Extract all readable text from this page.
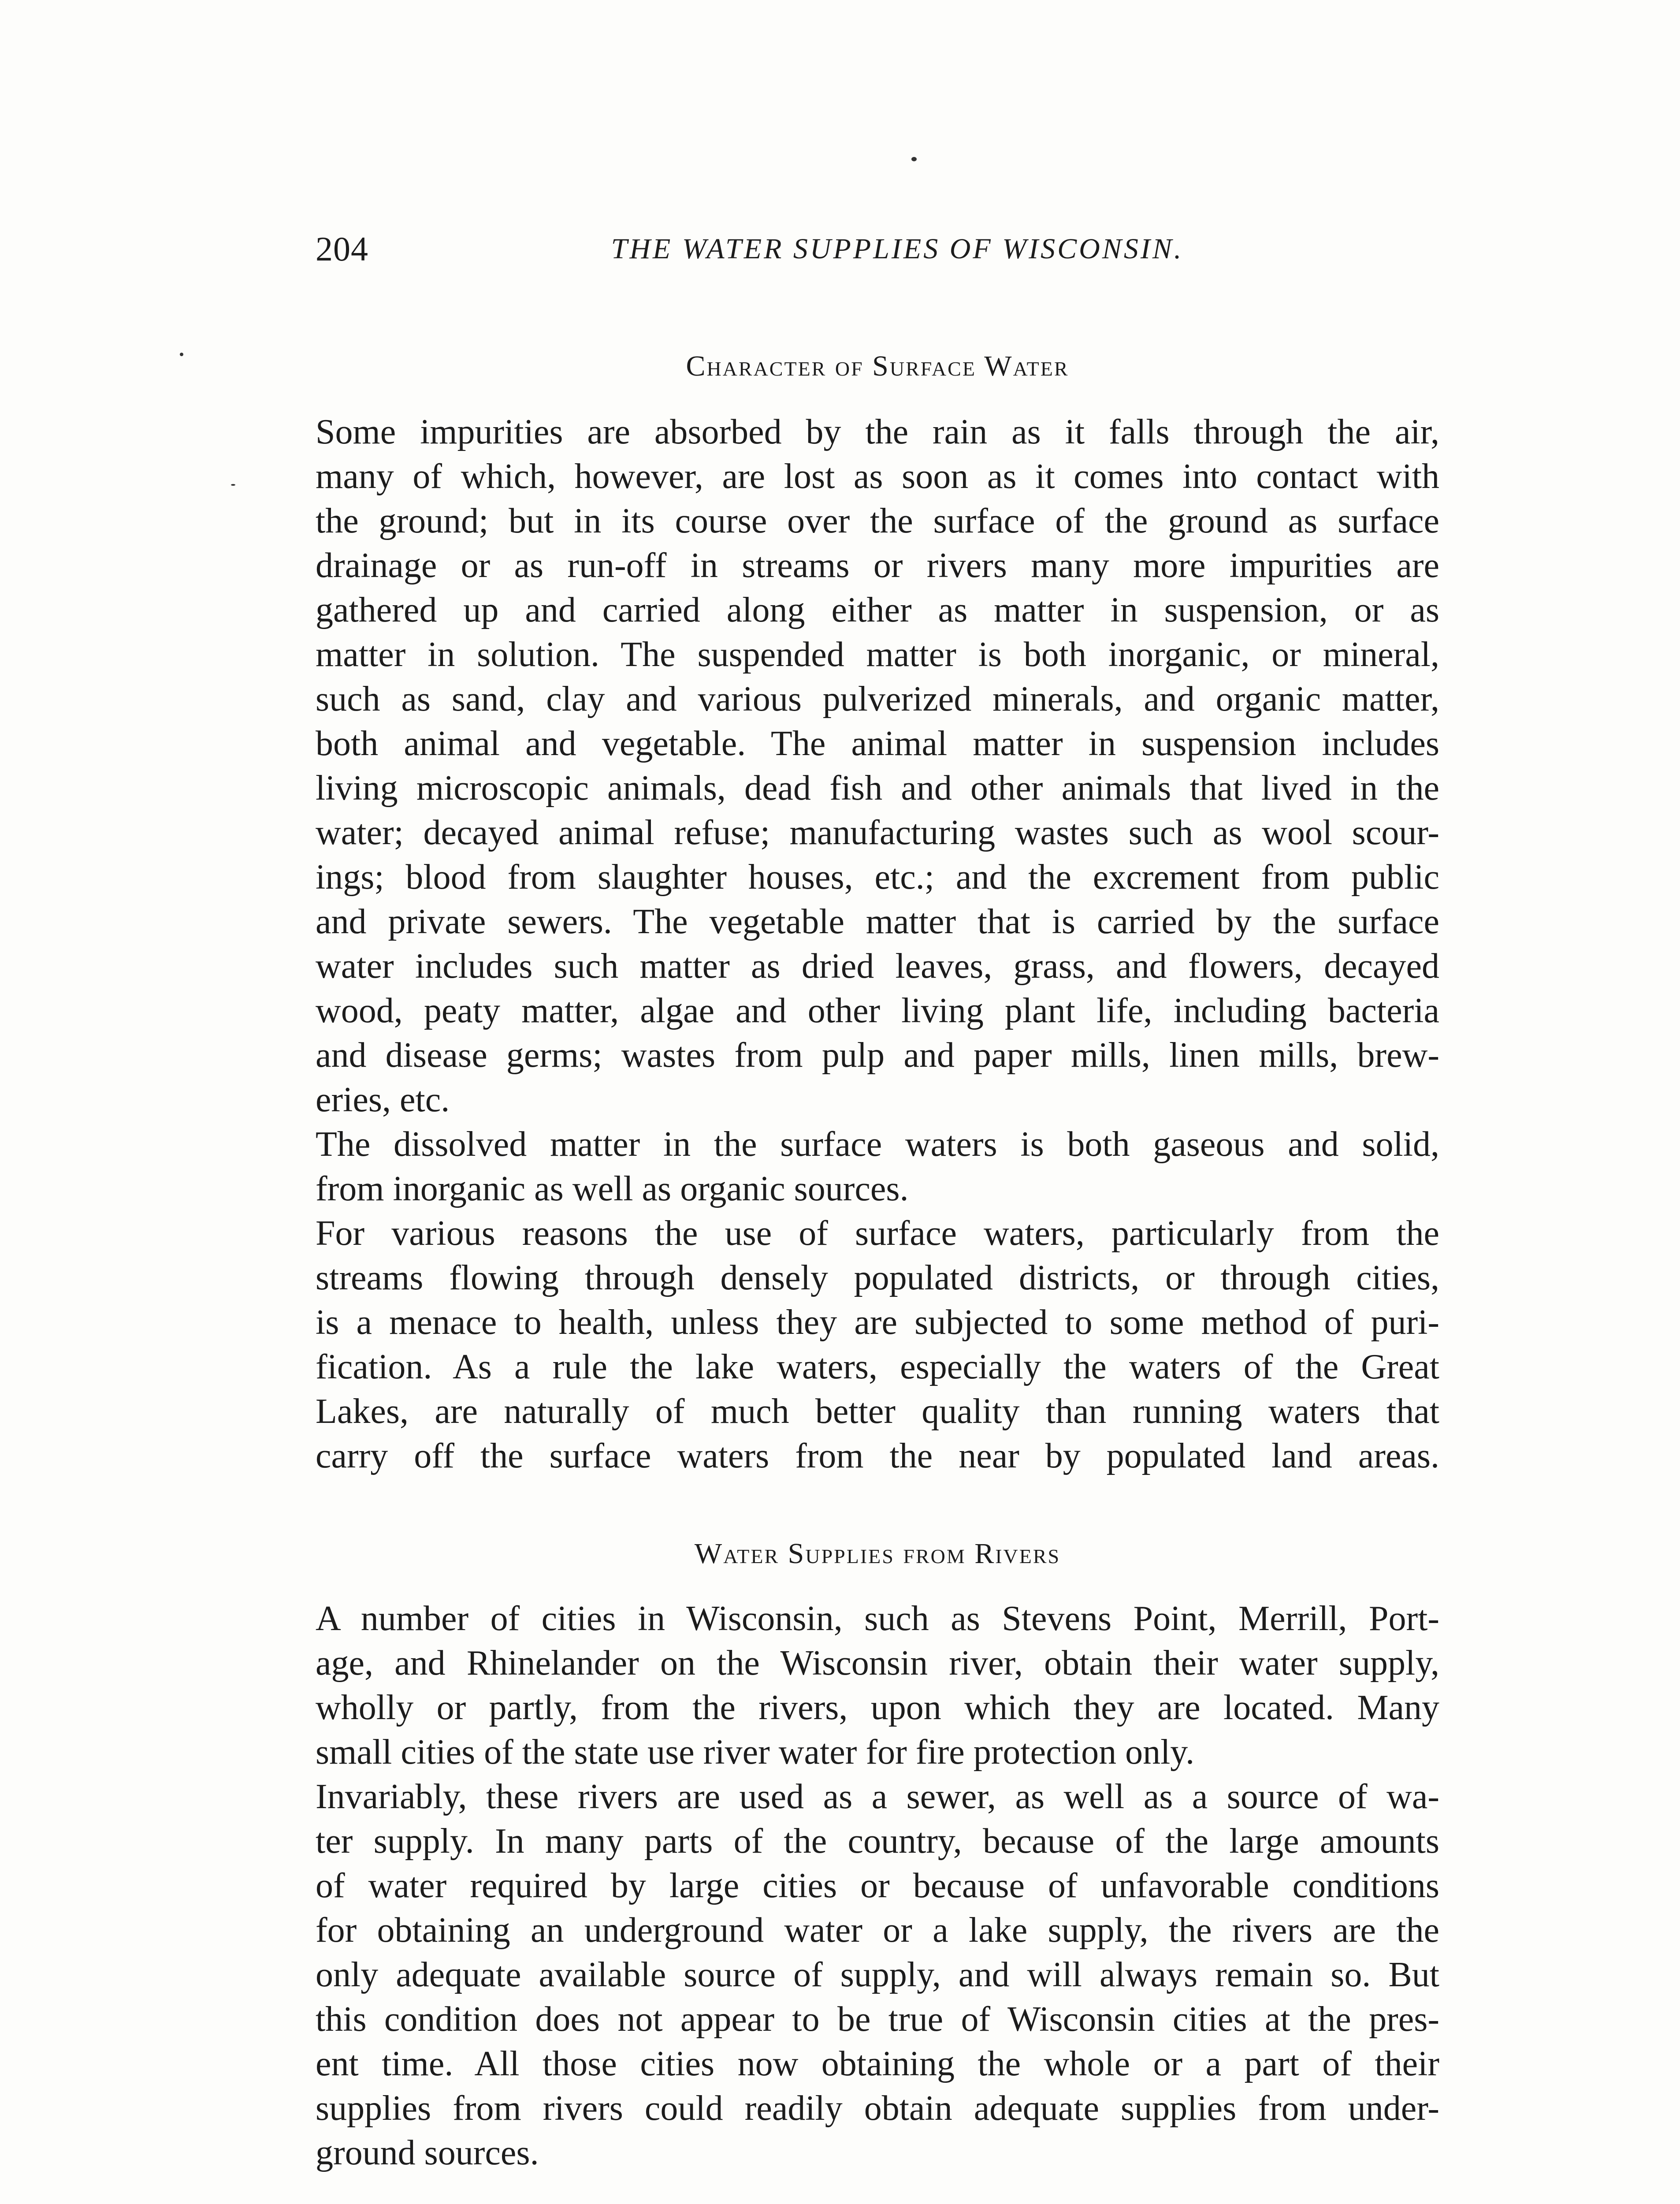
204	THE WATER SUPPLIES OF WISCONSIN.
Character of Surface Water
Some impurities are absorbed by the rain as it falls through the air,
many of which, however, are lost as soon as it comes into contact with
the ground; but in its course over the surface of the ground as surface
drainage or as run-off in streams or rivers many more impurities are
gathered up and carried along either as matter in suspension, or as
matter in solution. The suspended matter is both inorganic, or mineral,
such as sand, clay and various pulverized minerals, and organic matter,
both animal and vegetable. The animal matter in suspension includes
living microscopic animals, dead fish and other animals that lived in the
water; decayed animal refuse; manufacturing wastes such as wool scour-
ings; blood from slaughter houses, etc.; and the excrement from public
and private sewers. The vegetable matter that is carried by the surface
water includes such matter as dried leaves, grass, and flowers, decayed
wood, peaty matter, algae and other living plant life, including bacteria
and disease germs; wastes from pulp and paper mills, linen mills, brew-
eries, etc.
The dissolved matter in the surface waters is both gaseous and solid,
from inorganic as well as organic sources.
For various reasons the use of surface waters, particularly from the
streams flowing through densely populated districts, or through cities,
is a menace to health, unless they are subjected to some method of puri-
fication. As a rule the lake waters, especially the waters of the Great
Lakes, are naturally of much better quality than running waters that
carry off the surface waters from the near by populated land areas.
Water Supplies from Rivers
A number of cities in Wisconsin, such as Stevens Point, Merrill, Port-
age, and Rhinelander on the Wisconsin river, obtain their water supply,
wholly or partly, from the rivers, upon which they are located. Many
small cities of the state use river water for fire protection only.
Invariably, these rivers are used as a sewer, as well as a source of wa-
ter supply. In many parts of the country, because of the large amounts
of water required by large cities or because of unfavorable conditions
for obtaining an underground water or a lake supply, the rivers are the
only adequate available source of supply, and will always remain so. But
this condition does not appear to be true of Wisconsin cities at the pres-
ent time. All those cities now obtaining the whole or a part of their
supplies from rivers could readily obtain adequate supplies from under-
ground sources.
